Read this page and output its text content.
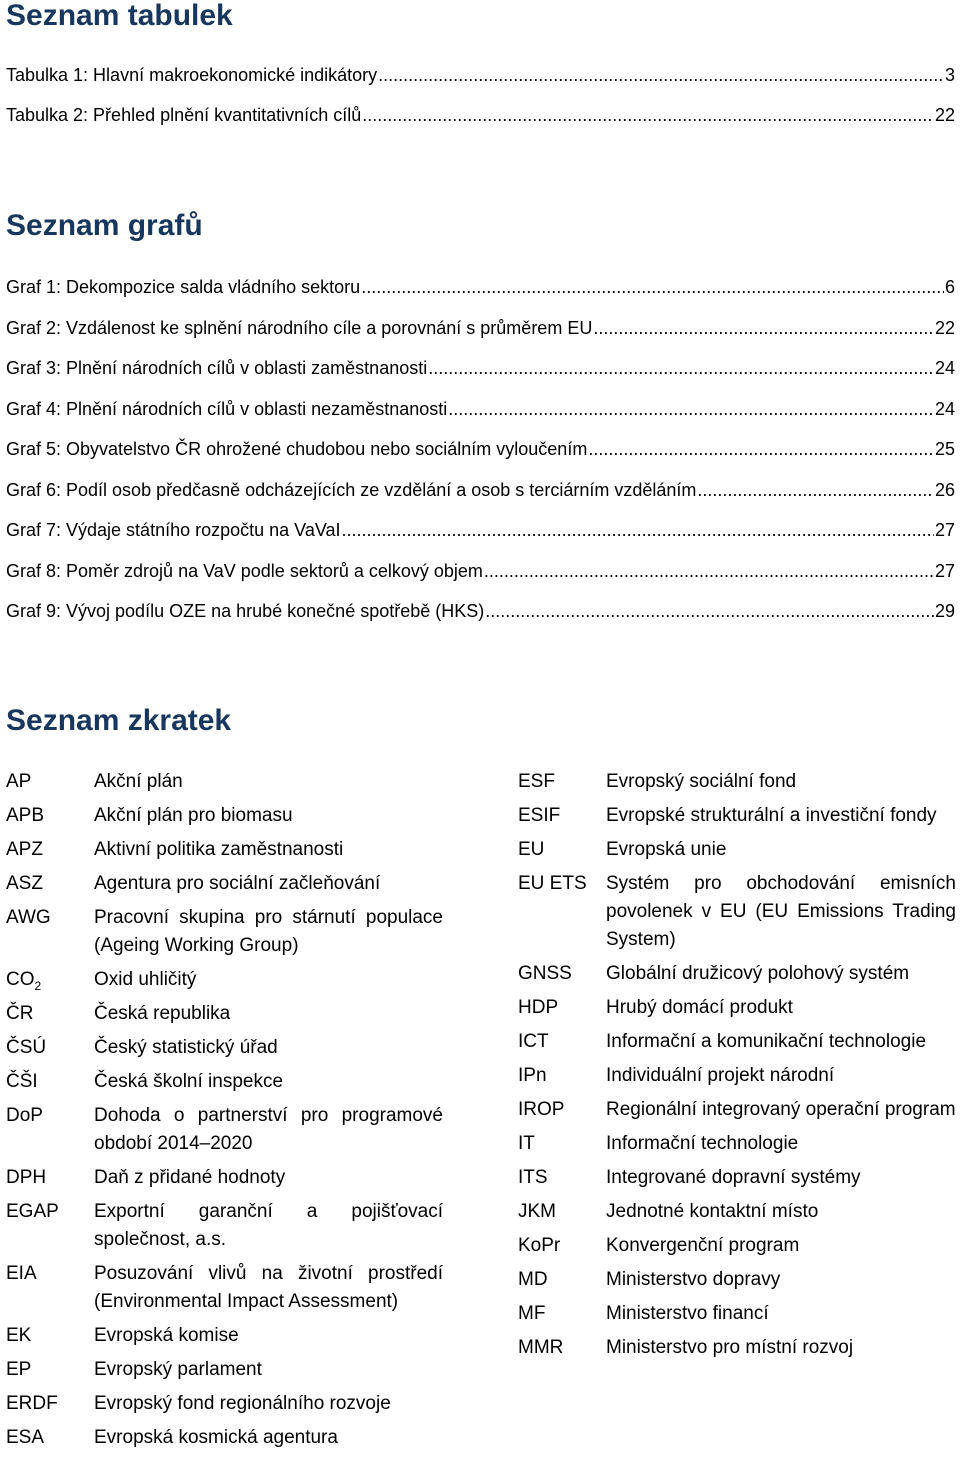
Seznam tabulek
Tabulka 1: Hlavní makroekonomické indikátory .....	3
Tabulka 2: Přehled plnění kvantitativních cílů .....	22
Seznam grafů
Graf 1: Dekompozice salda vládního sektoru .....	6
Graf 2: Vzdálenost ke splnění národního cíle a porovnání s průměrem EU .....	22
Graf 3: Plnění národních cílů v oblasti zaměstnanosti .....	24
Graf 4: Plnění národních cílů v oblasti nezaměstnanosti .....	24
Graf 5: Obyvatelstvo ČR ohrožené chudobou nebo sociálním vyloučením .....	25
Graf 6: Podíl osob předčasně odcházejících ze vzdělání a osob s terciárním vzděláním .....	26
Graf 7: Výdaje státního rozpočtu na VaVaI .....	27
Graf 8: Poměr zdrojů na VaV podle sektorů a celkový objem .....	27
Graf 9: Vývoj podílu OZE na hrubé konečné spotřebě (HKS) .....	29
Seznam zkratek
AP	Akční plán
APB	Akční plán pro biomasu
APZ	Aktivní politika zaměstnanosti
ASZ	Agentura pro sociální začleňování
AWG	Pracovní skupina pro stárnutí populace (Ageing Working Group)
$CO_2$	Oxid uhličitý
ČR	Česká republika
ČSÚ	Český statistický úřad
ČŠI	Česká školní inspekce
DoP	Dohoda o partnerství pro programové období 2014–2020
DPH	Daň z přidané hodnoty
EGAP	Exportní garanční a pojišťovací společnost, a.s.
EIA	Posuzování vlivů na životní prostředí (Environmental Impact Assessment)
EK	Evropská komise
EP	Evropský parlament
ERDF	Evropský fond regionálního rozvoje
ESA	Evropská kosmická agentura
ESF	Evropský sociální fond
ESIF	Evropské strukturální a investiční fondy
EU	Evropská unie
EU ETS	Systém pro obchodování emisních povolenek v EU (EU Emissions Trading System)
GNSS	Globální družicový polohový systém
HDP	Hrubý domácí produkt
ICT	Informační a komunikační technologie
IPn	Individuální projekt národní
IROP	Regionální integrovaný operační program
IT	Informační technologie
ITS	Integrované dopravní systémy
JKM	Jednotné kontaktní místo
KoPr	Konvergenční program
MD	Ministerstvo dopravy
MF	Ministerstvo financí
MMR	Ministerstvo pro místní rozvoj
